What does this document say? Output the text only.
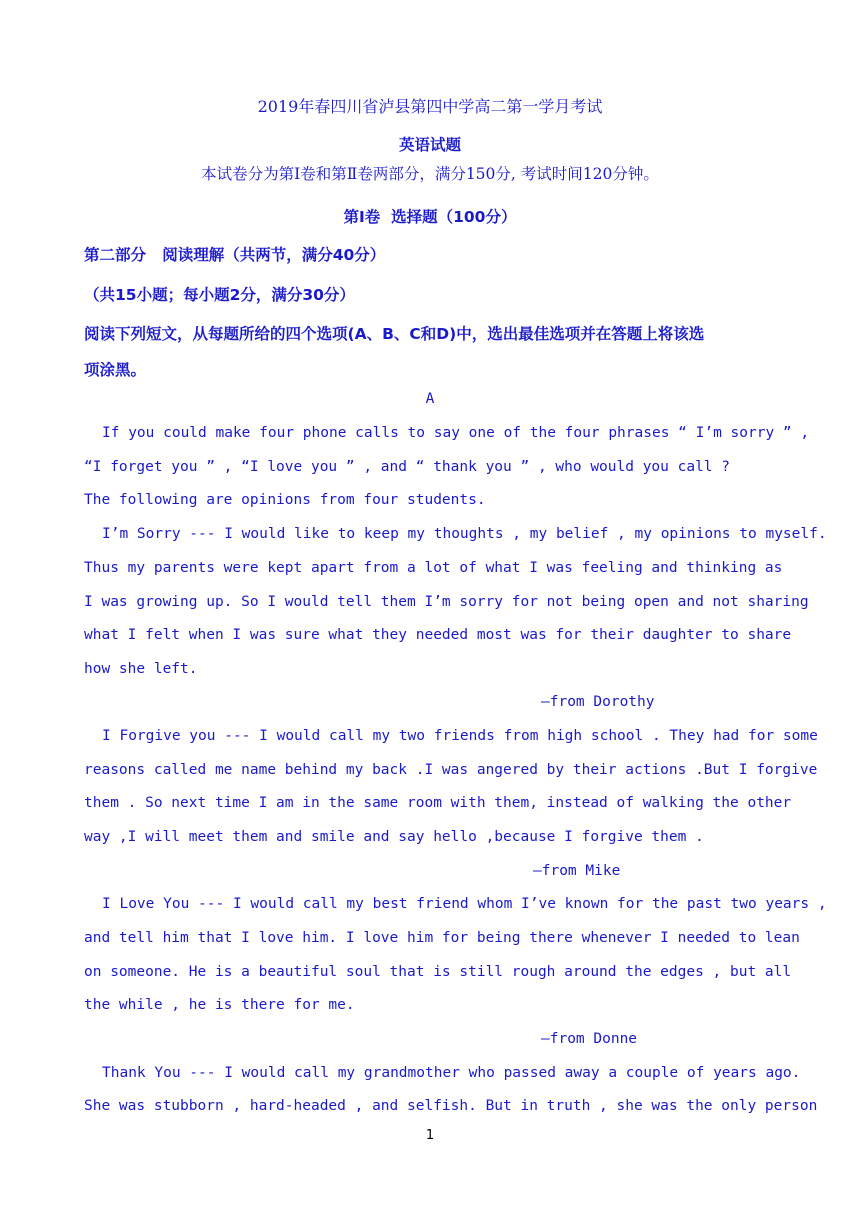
2019年春四川省泸县第四中学高二第一学月考试
英语试题
本试卷分为第Ⅰ卷和第Ⅱ卷两部分，满分150分, 考试时间120分钟。
第Ⅰ卷  选择题（100分）
第二部分   阅读理解（共两节，满分40分）
（共15小题；每小题2分，满分30分）
阅读下列短文，从每题所给的四个选项(A、B、C和D)中，选出最佳选项并在答题上将该选
项涂黑。
A
If you could make four phone calls to say one of the four phrases “ I’m sorry ” ,
“I forget you ” , “I love you ” , and “ thank you ” , who would you call ?
The following are opinions from four students.
I’m Sorry --- I would like to keep my thoughts , my belief , my opinions to myself.
Thus my parents were kept apart from a lot of what I was feeling and thinking as
I was growing up. So I would tell them I’m sorry for not being open and not sharing
what I felt when I was sure what they needed most was for their daughter to share
how she left.
—from Dorothy
I Forgive you --- I would call my two friends from high school . They had for some
reasons called me name behind my back .I was angered by their actions .But I forgive
them . So next time I am in the same room with them, instead of walking the other
way ,I will meet them and smile and say hello ,because I forgive them .
—from Mike
I Love You --- I would call my best friend whom I’ve known for the past two years ,
and tell him that I love him. I love him for being there whenever I needed to lean
on someone. He is a beautiful soul that is still rough around the edges , but all
the while , he is there for me.
—from Donne
Thank You --- I would call my grandmother who passed away a couple of years ago.
She was stubborn , hard-headed , and selfish. But in truth , she was the only person
1
